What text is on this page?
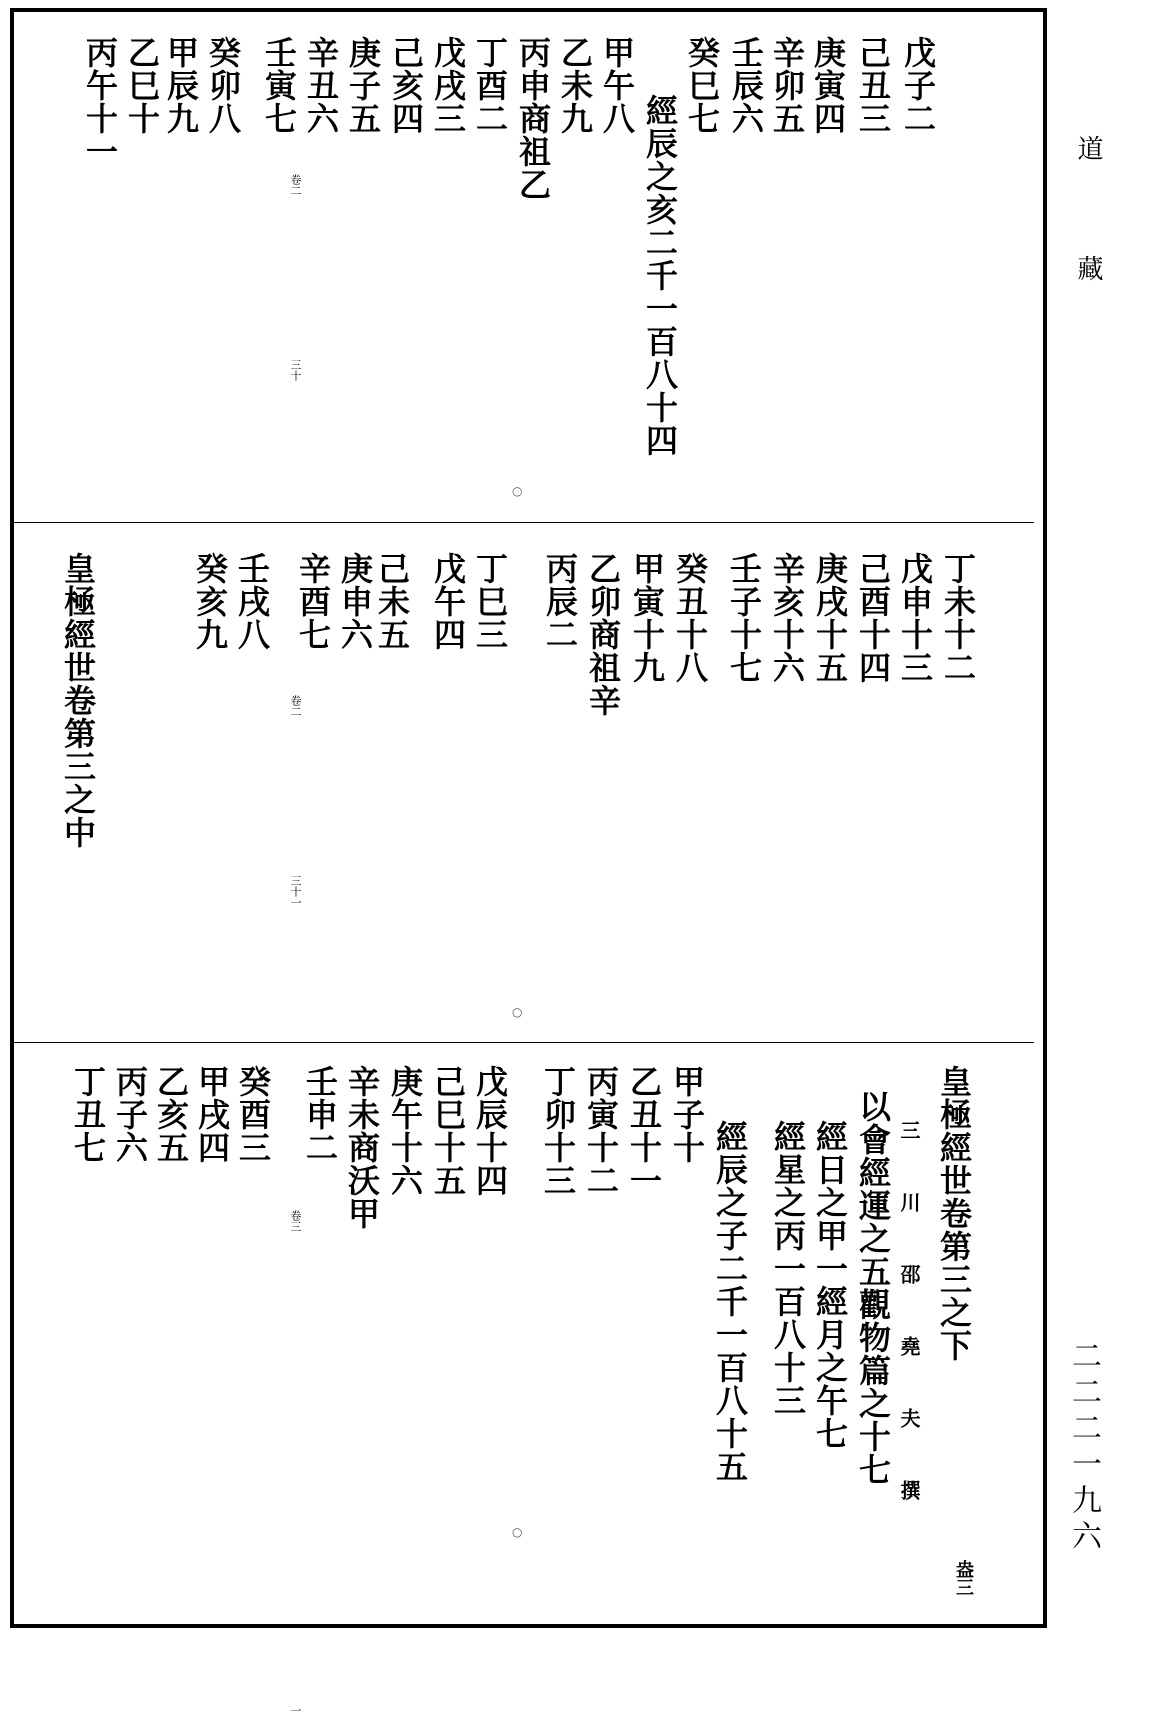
道
藏
二二二一九六
戊子二
己丑三
庚寅四
辛卯五
壬辰六
癸巳七
經辰之亥二千一百八十四
甲午八
乙未九
丙申商祖乙
丁酉二
戊戌三
己亥四
庚子五
辛丑六
壬寅七
癸卯八
甲辰九
乙巳十
丙午十一
卷二
三十
○
丁未十二
戊申十三
己酉十四
庚戌十五
辛亥十六
壬子十七
癸丑十八
甲寅十九
乙卯商祖辛
丙辰二
丁巳三
戊午四
己未五
庚申六
辛酉七
壬戌八
癸亥九
皇極經世卷第三之中	卷二
三十一
○
皇極經世卷第三之下
盎三
三川邵堯夫撰
以會經運之五觀物篇之十七
經日之甲一經月之午七
經星之丙一百八十三
經辰之子二千一百八十五
甲子十
乙丑十一
丙寅十二
丁卯十三
戊辰十四
己巳十五
庚午十六
辛未商沃甲
壬申二
癸酉三
甲戌四
乙亥五
丙子六
丁丑七
卷三
一
○
